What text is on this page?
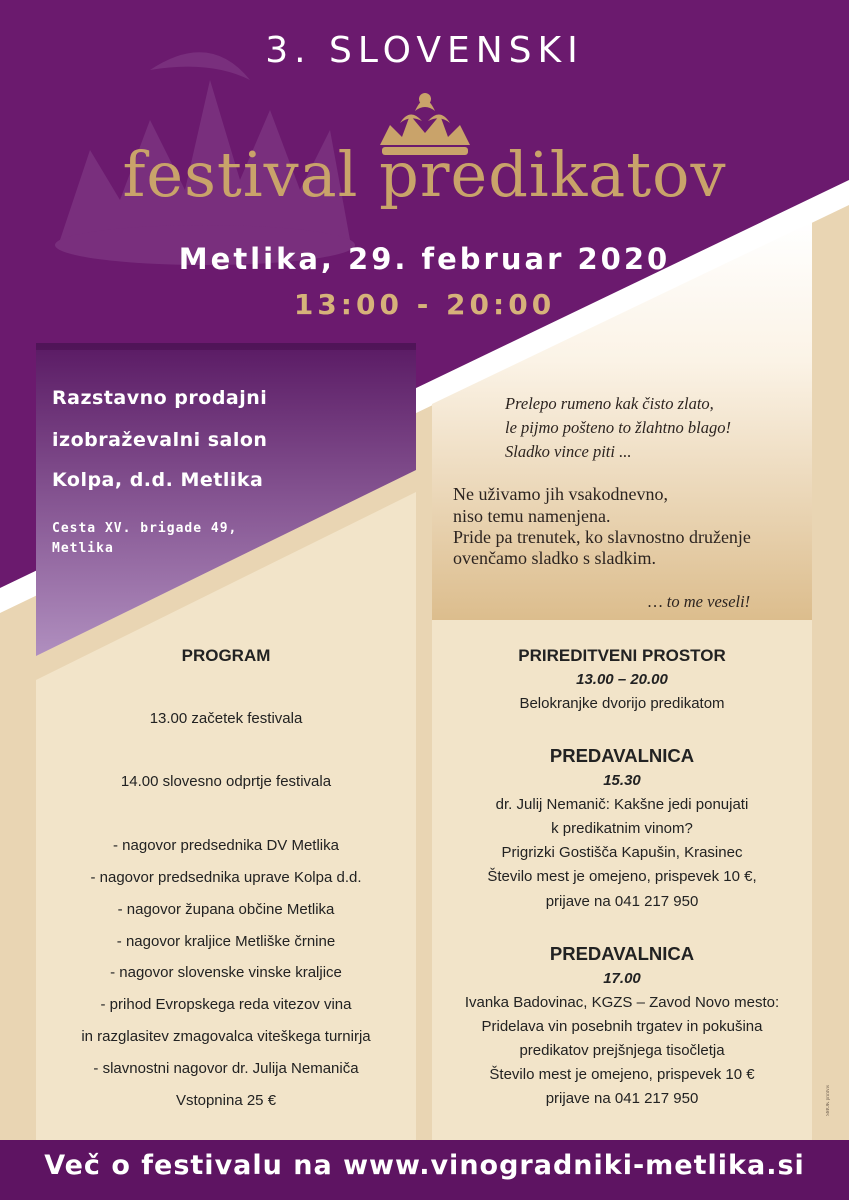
3. SLOVENSKI
festival predikatov
Metlika, 29. februar 2020
13:00 - 20:00
Razstavno prodajni
izobraževalni salon
Kolpa, d.d. Metlika
Cesta XV. brigade 49,
Metlika
Prelepo rumeno kak čisto zlato,
le pijmo pošteno to žlahtno blago!
Sladko vince piti ...
Ne uživamo jih vsakodnevno,
niso temu namenjena.
Pride pa trenutek, ko slavnostno druženje
ovenčamo sladko s sladkim.
… to me veseli!
PROGRAM
13.00 začetek festivala
14.00 slovesno odprtje festivala
- nagovor predsednika DV Metlika
- nagovor predsednika uprave Kolpa d.d.
- nagovor župana občine Metlika
- nagovor kraljice Metliške črnine
- nagovor slovenske vinske kraljice
- prihod Evropskega reda vitezov vina
in razglasitev zmagovalca viteškega turnirja
- slavnostni nagovor dr. Julija Nemaniča
Vstopnina 25 €
PRIREDITVENI PROSTOR
13.00 – 20.00
Belokranjke dvorijo predikatom
PREDAVALNICA
15.30
dr. Julij Nemanič: Kakšne jedi ponujati
k predikatnim vinom?
Prigrizki Gostišča Kapušin, Krasinec
Število mest je omejeno, prispevek 10 €,
prijave na 041 217 950
PREDAVALNICA
17.00
Ivanka Badovinac, KGZS – Zavod Novo mesto:
Pridelava vin posebnih trgatev in pokušina
predikatov prejšnjega tisočletja
Število mest je omejeno, prispevek 10 €
prijave na 041 217 950	SMOK printvis
Več o festivalu na www.vinogradniki-metlika.si
